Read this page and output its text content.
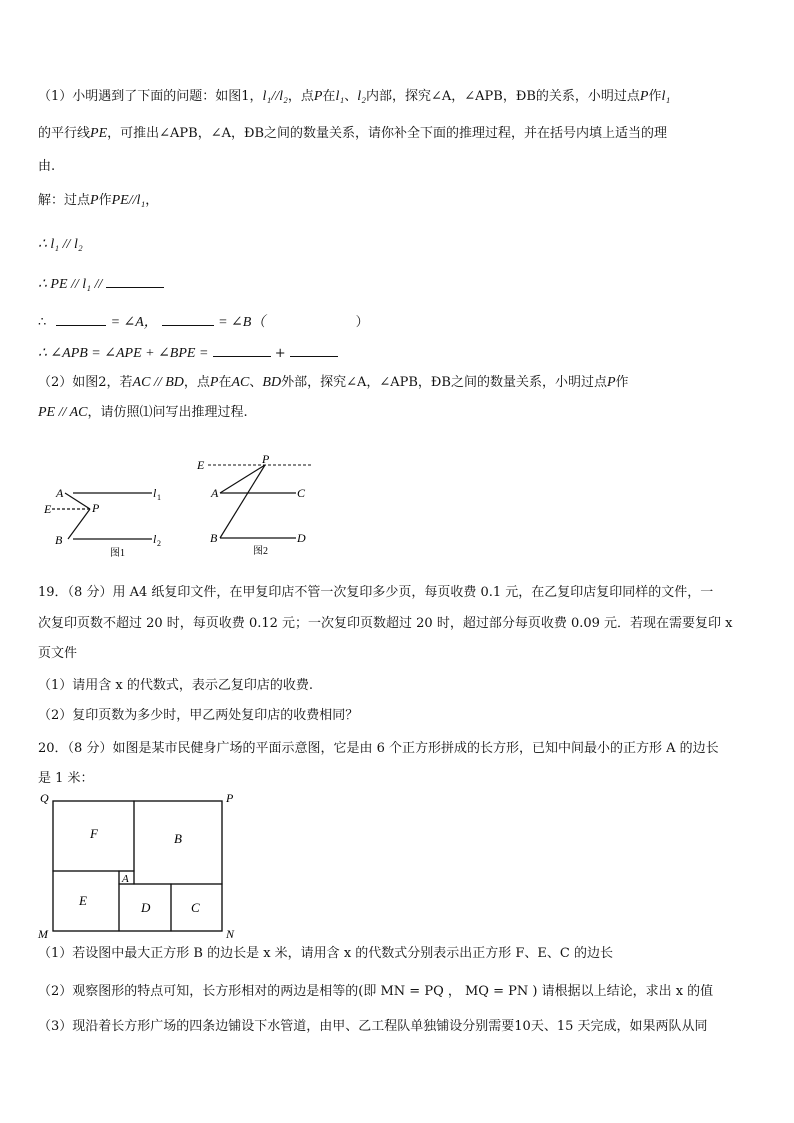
（1）小明遇到了下面的问题：如图1，l₁//l₂，点P在l₁、l₂内部，探究∠A，∠APB，ÐB的关系，小明过点P作l₁
的平行线PE，可推出∠APB，∠A，ÐB之间的数量关系，请你补全下面的推理过程，并在括号内填上适当的理
由.
解：过点P作PE//l₁，
∴ l₁ // l₂
∴ PE // l₁ //
∴	= ∠A，	= ∠B（	）
∴ ∠APB = ∠APE + ∠BPE =	+
（2）如图2，若AC // BD，点P在AC、BD外部，探究∠A，∠APB，ÐB之间的数量关系，小明过点P作
PE // AC，请仿照⑴问写出推理过程.
A
E	P
B
l 1
l 2
图1
E	P
A	C
B	D
图2
19．（8 分）用 A4 纸复印文件，在甲复印店不管一次复印多少页，每页收费 0.1 元，在乙复印店复印同样的文件，一
次复印页数不超过 20 时，每页收费 0.12 元；一次复印页数超过 20 时，超过部分每页收费 0.09 元．若现在需要复印 x
页文件
（1）请用含 x 的代数式，表示乙复印店的收费.
（2）复印页数为多少时，甲乙两处复印店的收费相同？
20．（8 分）如图是某市民健身广场的平面示意图，它是由 6 个正方形拼成的长方形，已知中间最小的正方形 A 的边长
是 1 米：
Q	P
M	N
F	B
A
E	D	C
（1）若设图中最大正方形 B 的边长是 x 米，请用含 x 的代数式分别表示出正方形 F、E、C 的边长
（2）观察图形的特点可知，长方形相对的两边是相等的(即 MN = PQ ， MQ = PN ) 请根据以上结论，求出 x 的值
（3）现沿着长方形广场的四条边铺设下水管道，由甲、乙工程队单独铺设分别需要10天、15 天完成，如果两队从同
